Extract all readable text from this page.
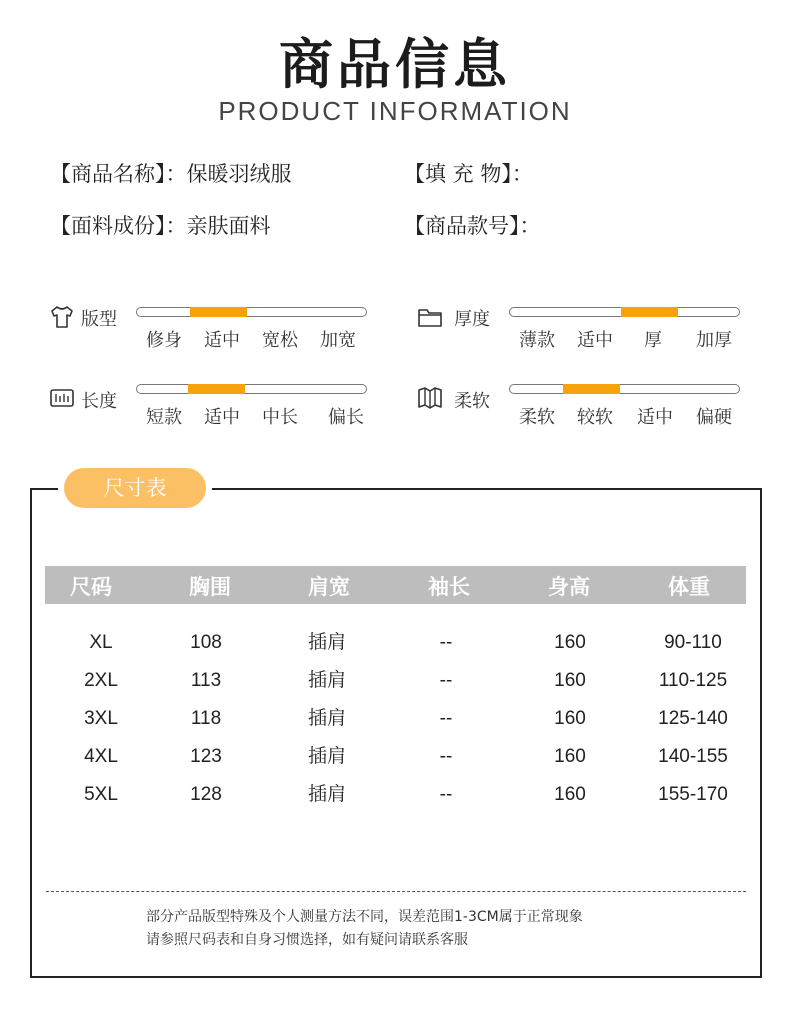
商品信息
PRODUCT INFORMATION
【商品名称】：保暖羽绒服	【填 充 物】：
【面料成份】：亲肤面料	【商品款号】：
版型
修身	适中	宽松	加宽
厚度
薄款	适中	厚	加厚
长度
短款	适中	中长	偏长
柔软
柔软	较软	适中	偏硬
尺寸表
尺码	胸围	肩宽	袖长	身高	体重
XL	108	插肩	--	160	90-110
2XL	113	插肩	--	160	110-125
3XL	118	插肩	--	160	125-140
4XL	123	插肩	--	160	140-155
5XL	128	插肩	--	160	155-170
部分产品版型特殊及个人测量方法不同，误差范围1-3CM属于正常现象
请参照尺码表和自身习惯选择，如有疑问请联系客服
